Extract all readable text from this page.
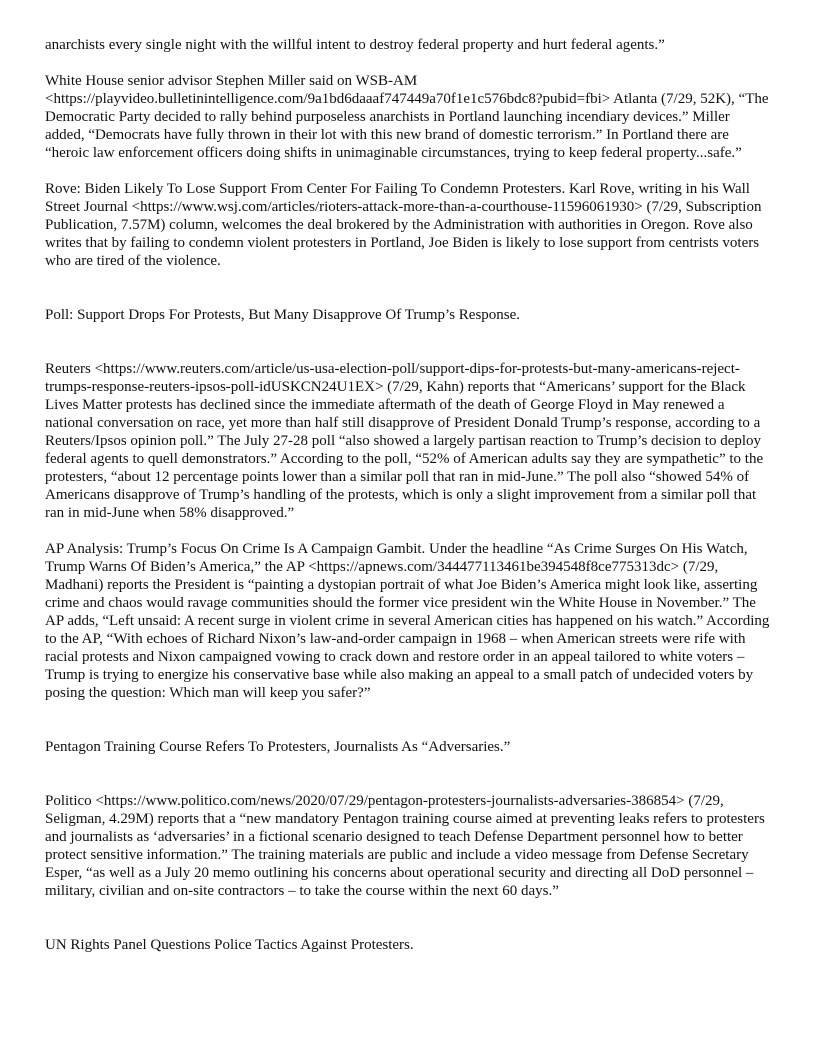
anarchists every single night with the willful intent to destroy federal property and hurt federal agents.”

White House senior advisor Stephen Miller said on WSB-AM <https://playvideo.bulletinintelligence.com/9a1bd6daaaf747449a70f1e1c576bdc8?pubid=fbi> Atlanta (7/29, 52K), “The Democratic Party decided to rally behind purposeless anarchists in Portland launching incendiary devices.” Miller added, “Democrats have fully thrown in their lot with this new brand of domestic terrorism.” In Portland there are “heroic law enforcement officers doing shifts in unimaginable circumstances, trying to keep federal property...safe.”

Rove: Biden Likely To Lose Support From Center For Failing To Condemn Protesters. Karl Rove, writing in his Wall Street Journal <https://www.wsj.com/articles/rioters-attack-more-than-a-courthouse-11596061930> (7/29, Subscription Publication, 7.57M) column, welcomes the deal brokered by the Administration with authorities in Oregon. Rove also writes that by failing to condemn violent protesters in Portland, Joe Biden is likely to lose support from centrists voters who are tired of the violence.

Poll: Support Drops For Protests, But Many Disapprove Of Trump’s Response.

Reuters <https://www.reuters.com/article/us-usa-election-poll/support-dips-for-protests-but-many-americans-reject-trumps-response-reuters-ipsos-poll-idUSKCN24U1EX> (7/29, Kahn) reports that “Americans’ support for the Black Lives Matter protests has declined since the immediate aftermath of the death of George Floyd in May renewed a national conversation on race, yet more than half still disapprove of President Donald Trump’s response, according to a Reuters/Ipsos opinion poll.” The July 27-28 poll “also showed a largely partisan reaction to Trump’s decision to deploy federal agents to quell demonstrators.” According to the poll, “52% of American adults say they are sympathetic” to the protesters, “about 12 percentage points lower than a similar poll that ran in mid-June.” The poll also “showed 54% of Americans disapprove of Trump’s handling of the protests, which is only a slight improvement from a similar poll that ran in mid-June when 58% disapproved.”

AP Analysis: Trump’s Focus On Crime Is A Campaign Gambit. Under the headline “As Crime Surges On His Watch, Trump Warns Of Biden’s America,” the AP <https://apnews.com/344477113461be394548f8ce775313dc> (7/29, Madhani) reports the President is “painting a dystopian portrait of what Joe Biden’s America might look like, asserting crime and chaos would ravage communities should the former vice president win the White House in November.” The AP adds, “Left unsaid: A recent surge in violent crime in several American cities has happened on his watch.” According to the AP, “With echoes of Richard Nixon’s law-and-order campaign in 1968 – when American streets were rife with racial protests and Nixon campaigned vowing to crack down and restore order in an appeal tailored to white voters – Trump is trying to energize his conservative base while also making an appeal to a small patch of undecided voters by posing the question: Which man will keep you safer?”

Pentagon Training Course Refers To Protesters, Journalists As “Adversaries.”

Politico <https://www.politico.com/news/2020/07/29/pentagon-protesters-journalists-adversaries-386854> (7/29, Seligman, 4.29M) reports that a “new mandatory Pentagon training course aimed at preventing leaks refers to protesters and journalists as ‘adversaries’ in a fictional scenario designed to teach Defense Department personnel how to better protect sensitive information.” The training materials are public and include a video message from Defense Secretary Esper, “as well as a July 20 memo outlining his concerns about operational security and directing all DoD personnel – military, civilian and on-site contractors – to take the course within the next 60 days.”

UN Rights Panel Questions Police Tactics Against Protesters.
